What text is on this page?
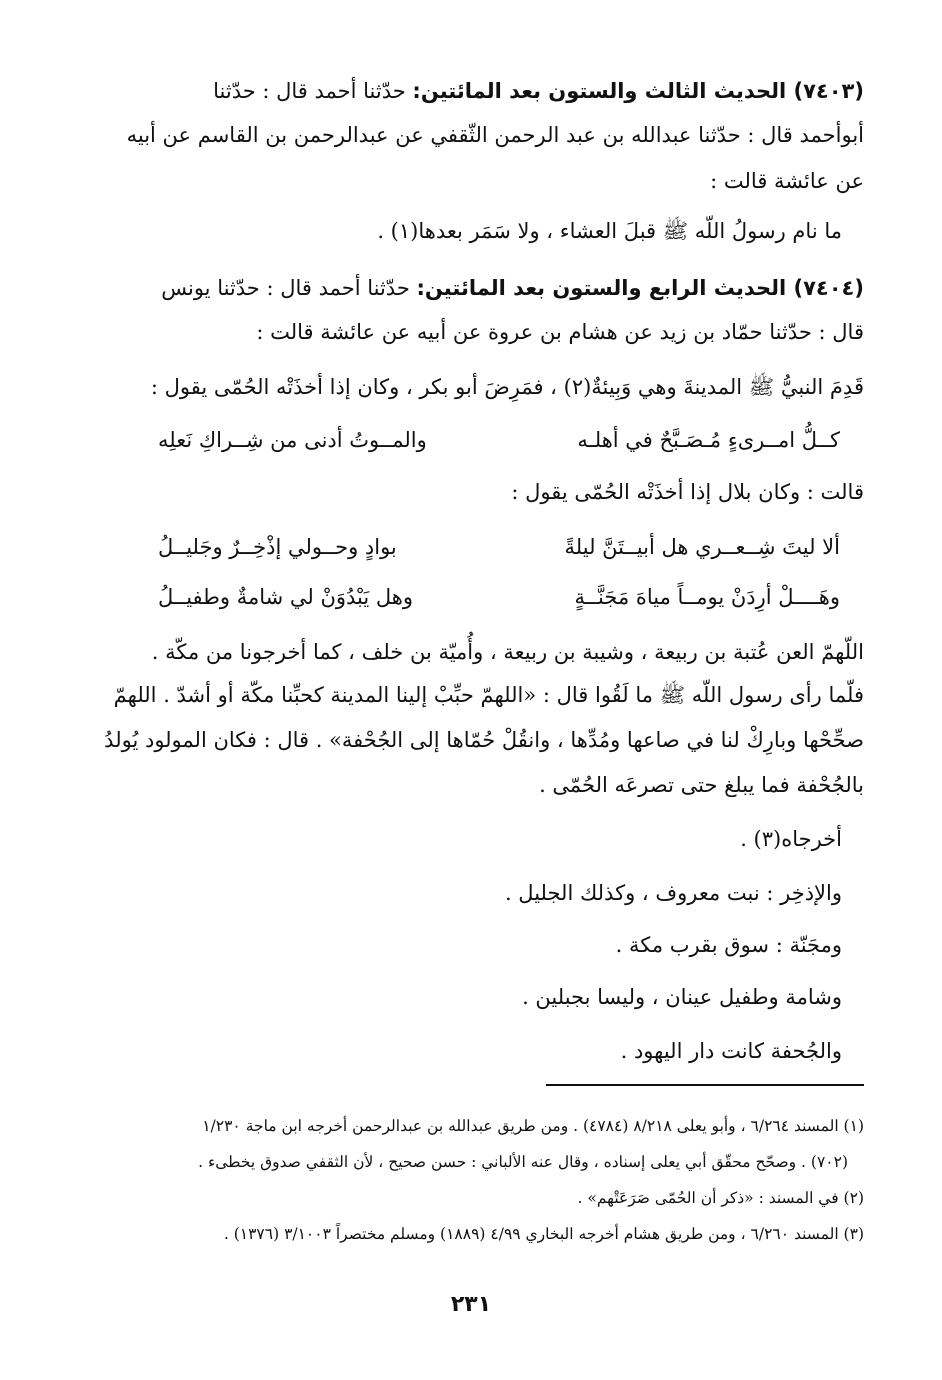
(٧٤٠٣) الحديث الثالث والستون بعد المائتين: حدّثنا أحمد قال : حدّثنا
أبوأحمد قال : حدّثنا عبدالله بن عبد الرحمن الثّقفي عن عبدالرحمن بن القاسم عن أبيه
عن عائشة قالت :
ما نام رسولُ اللّه ﷺ قبلَ العشاء ، ولا سَمَر بعدها(١) .
(٧٤٠٤) الحديث الرابع والستون بعد المائتين: حدّثنا أحمد قال : حدّثنا يونس
قال : حدّثنا حمّاد بن زيد عن هشام بن عروة عن أبيه عن عائشة قالت :
قَدِمَ النبيُّ ﷺ المدينةَ وهي وَبِيئةٌ(٢) ، فمَرِضَ أبو بكر ، وكان إذا أخذَتْه الحُمّى يقول :
كــلُّ امــرىءٍ مُـصَـبَّحٌ في أهلـه
والمــوتُ أدنى من شِــراكِ نَعلِه
قالت : وكان بلال إذا أخذَتْه الحُمّى يقول :
ألا ليتَ شِــعــري هل أبيــتَنَّ ليلةً
بوادٍ وحــولي إذْخِــرٌ وجَليــلُ
وهَــــلْ أرِدَنْ يومــاً مياهَ مَجَنَّــةٍ
وهل يَبْدُوَنْ لي شامةٌ وطفيــلُ
اللّهمّ العن عُتبة بن ربيعة ، وشيبة بن ربيعة ، وأُميّة بن خلف ، كما أخرجونا من مكّة .
فلّما رأى رسول اللّه ﷺ ما لَقُوا قال : «اللهمّ حبِّبْ إلينا المدينة كحبِّنا مكّة أو أشدّ . اللهمّ
صحِّحْها وبارِكْ لنا في صاعها ومُدِّها ، وانقُلْ حُمّاها إلى الجُحْفة» . قال : فكان المولود يُولدُ
بالجُحْفة فما يبلغ حتى تصرعَه الحُمّى .
أخرجاه(٣) .
والإذخِر : نبت معروف ، وكذلك الجليل .
ومجَنّة : سوق بقرب مكة .
وشامة وطفيل عينان ، وليسا بجبلين .
والجُحفة كانت دار اليهود .
(١) المسند ٦/٢٦٤ ، وأبو يعلى ٨/٢١٨ (٤٧٨٤) . ومن طريق عبدالله بن عبدالرحمن أخرجه ابن ماجة ١/٢٣٠
(٧٠٢) . وصحّح محقّق أبي يعلى إسناده ، وقال عنه الألباني : حسن صحيح ، لأن الثقفي صدوق يخطىء .
(٢) في المسند : «ذكر أن الحُمّى صَرَعَتْهم» .
(٣) المسند ٦/٢٦٠ ، ومن طريق هشام أخرجه البخاري ٤/٩٩ (١٨٨٩) ومسلم مختصراً ٣/١٠٠٣ (١٣٧٦) .
٢٣١
